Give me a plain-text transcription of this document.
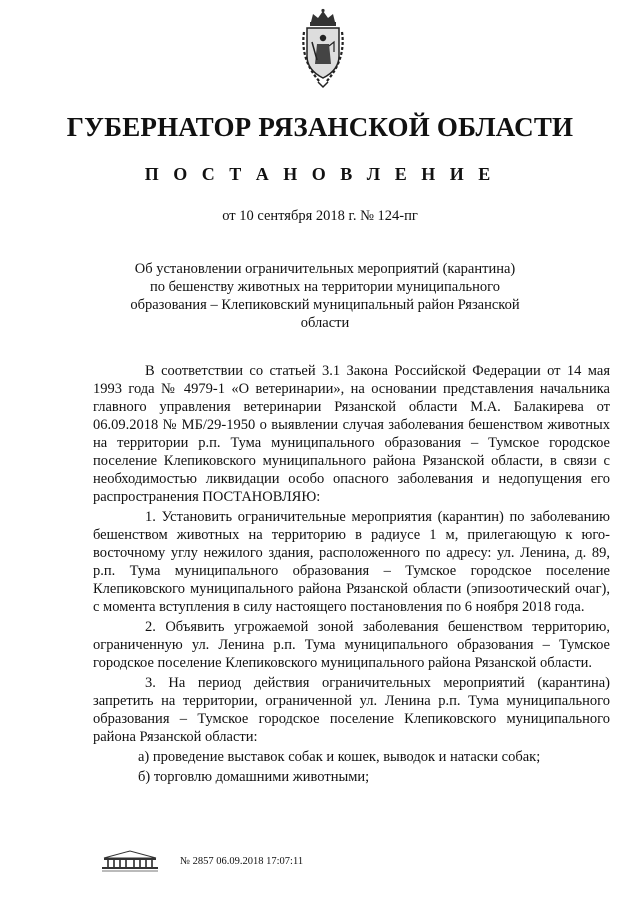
ГУБЕРНАТОР РЯЗАНСКОЙ ОБЛАСТИ
П О С Т А Н О В Л Е Н И Е
от 10 сентября 2018 г. № 124-пг
Об установлении ограничительных мероприятий (карантина)
по бешенству животных на территории муниципального
образования – Клепиковский муниципальный район Рязанской области

В соответствии со статьей 3.1 Закона Российской Федерации от 14 мая 1993 года № 4979-1 «О ветеринарии», на основании представления начальника главного управления ветеринарии Рязанской области М.А. Балакирева от 06.09.2018 № МБ/29-1950 о выявлении случая заболевания бешенством животных на территории р.п. Тума муниципального образования – Тумское городское поселение Клепиковского муниципального района Рязанской области, в связи с необходимостью ликвидации особо опасного заболевания и недопущения его распространения ПОСТАНОВЛЯЮ:

1. Установить ограничительные мероприятия (карантин) по заболеванию бешенством животных на территорию в радиусе 1 м, прилегающую к юго-восточному углу нежилого здания, расположенного по адресу: ул. Ленина, д. 89, р.п. Тума муниципального образования – Тумское городское поселение Клепиковского муниципального района Рязанской области (эпизоотический очаг), с момента вступления в силу настоящего постановления по 6 ноября 2018 года.

2. Объявить угрожаемой зоной заболевания бешенством территорию, ограниченную ул. Ленина р.п. Тума муниципального образования – Тумское городское поселение Клепиковского муниципального района Рязанской области.

3. На период действия ограничительных мероприятий (карантина) запретить на территории, ограниченной ул. Ленина р.п. Тума муниципального образования – Тумское городское поселение Клепиковского муниципального района Рязанской области:

а) проведение выставок собак и кошек, выводок и натаски собак;

б) торговлю домашними животными;

№ 2857 06.09.2018 17:07:11
